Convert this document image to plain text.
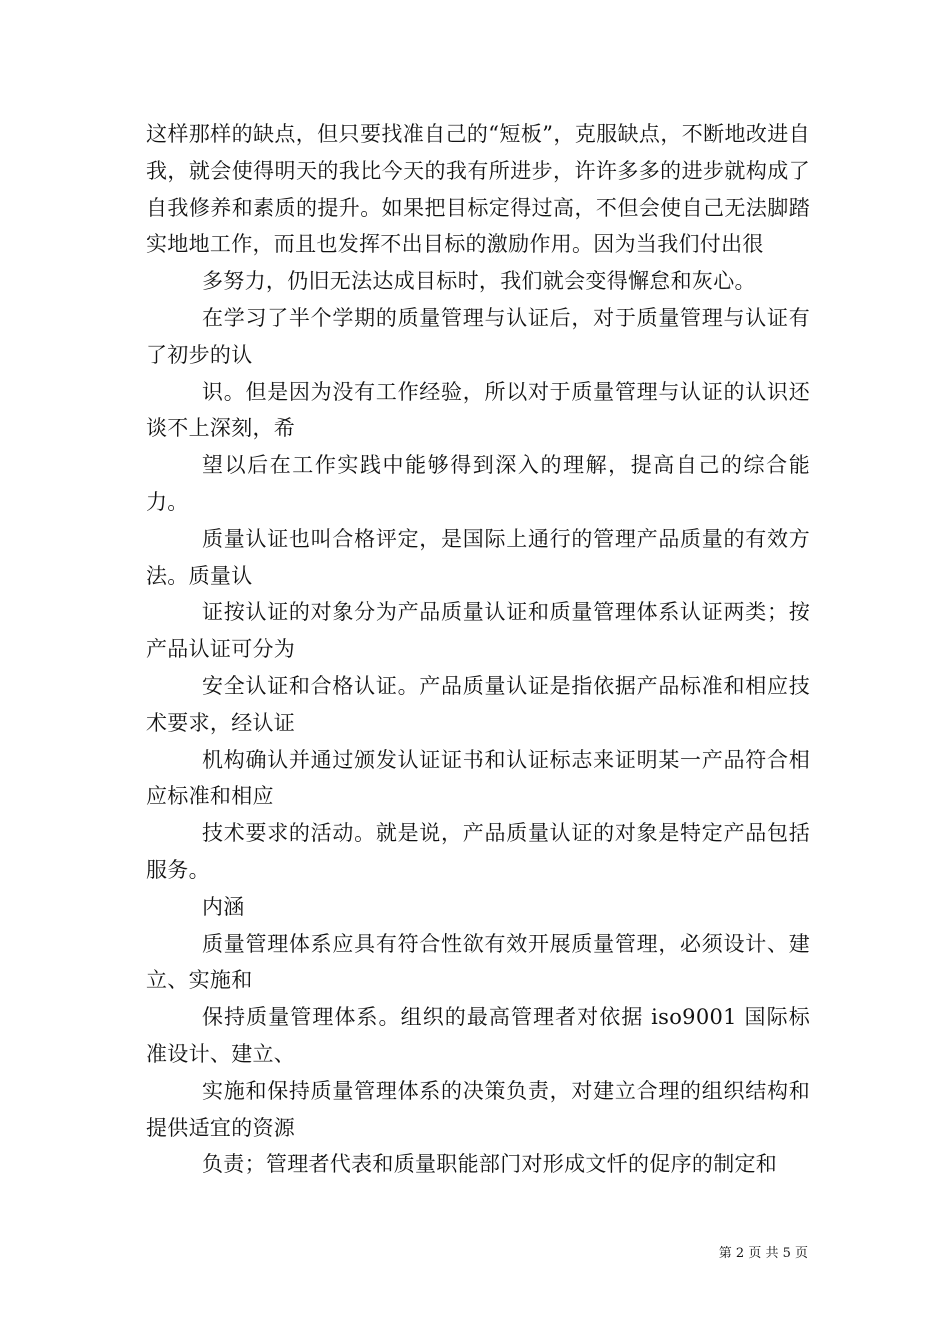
这样那样的缺点，但只要找准自己的“短板”，克服缺点，不断地改进自我，就会使得明天的我比今天的我有所进步，许许多多的进步就构成了自我修养和素质的提升。如果把目标定得过高，不但会使自己无法脚踏实地地工作，而且也发挥不出目标的激励作用。因为当我们付出很

多努力，仍旧无法达成目标时，我们就会变得懈怠和灰心。

在学习了半个学期的质量管理与认证后，对于质量管理与认证有了初步的认

识。但是因为没有工作经验，所以对于质量管理与认证的认识还谈不上深刻，希

望以后在工作实践中能够得到深入的理解，提高自己的综合能力。

质量认证也叫合格评定，是国际上通行的管理产品质量的有效方法。质量认

证按认证的对象分为产品质量认证和质量管理体系认证两类；按产品认证可分为

安全认证和合格认证。产品质量认证是指依据产品标准和相应技术要求，经认证

机构确认并通过颁发认证证书和认证标志来证明某一产品符合相应标准和相应

技术要求的活动。就是说，产品质量认证的对象是特定产品包括服务。

内涵

质量管理体系应具有符合性欲有效开展质量管理，必须设计、建立、实施和

保持质量管理体系。组织的最高管理者对依据 iso9001 国际标准设计、建立、

实施和保持质量管理体系的决策负责，对建立合理的组织结构和提供适宜的资源

负责；管理者代表和质量职能部门对形成文忏的促序的制定和

第 2 页 共 5 页
